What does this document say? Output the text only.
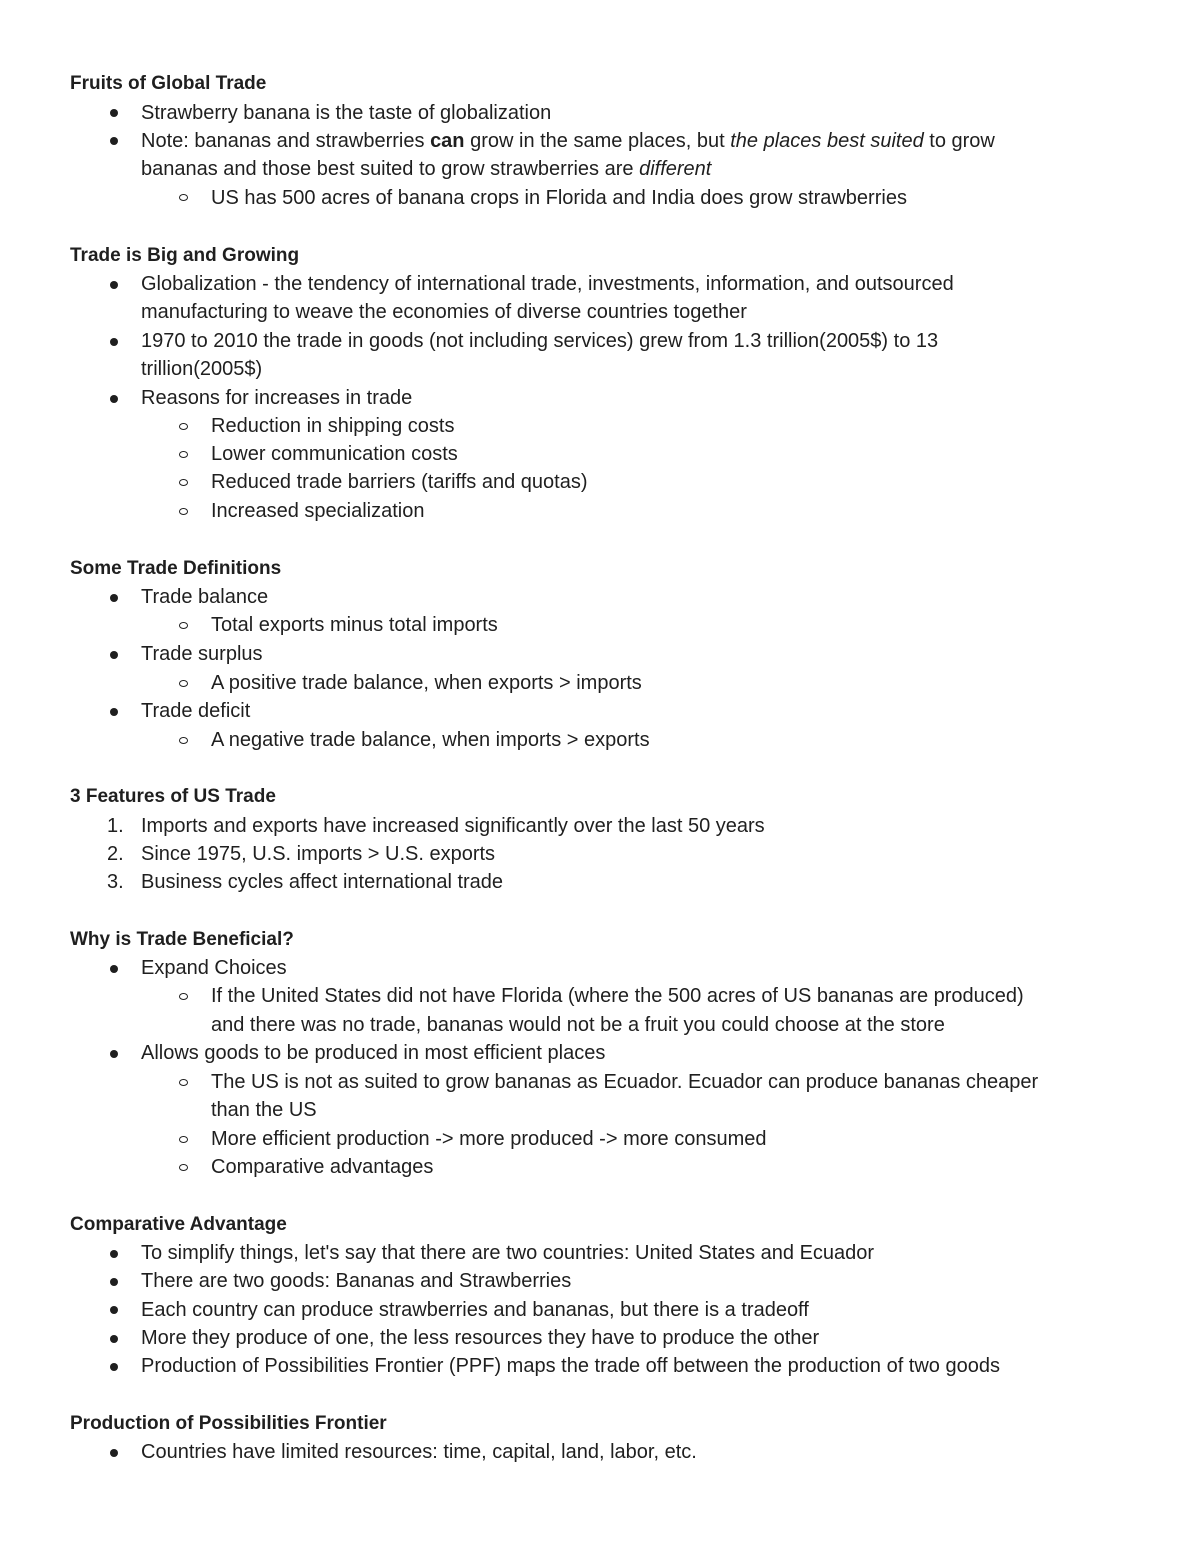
Fruits of Global Trade
Strawberry banana is the taste of globalization
Note: bananas and strawberries can grow in the same places, but the places best suited to grow
bananas and those best suited to grow strawberries are different
US has 500 acres of banana crops in Florida and India does grow strawberries
Trade is Big and Growing
Globalization - the tendency of international trade, investments, information, and outsourced
manufacturing to weave the economies of diverse countries together
1970 to 2010 the trade in goods (not including services) grew from 1.3 trillion(2005$) to 13
trillion(2005$)
Reasons for increases in trade
Reduction in shipping costs
Lower communication costs
Reduced trade barriers (tariffs and quotas)
Increased specialization
Some Trade Definitions
Trade balance
Total exports minus total imports
Trade surplus
A positive trade balance, when exports > imports
Trade deficit
A negative trade balance, when imports > exports
3 Features of US Trade
1. Imports and exports have increased significantly over the last 50 years
2. Since 1975, U.S. imports > U.S. exports
3. Business cycles affect international trade
Why is Trade Beneficial?
Expand Choices
If the United States did not have Florida (where the 500 acres of US bananas are produced)
and there was no trade, bananas would not be a fruit you could choose at the store
Allows goods to be produced in most efficient places
The US is not as suited to grow bananas as Ecuador. Ecuador can produce bananas cheaper
than the US
More efficient production -> more produced -> more consumed
Comparative advantages
Comparative Advantage
To simplify things, let's say that there are two countries: United States and Ecuador
There are two goods: Bananas and Strawberries
Each country can produce strawberries and bananas, but there is a tradeoff
More they produce of one, the less resources they have to produce the other
Production of Possibilities Frontier (PPF) maps the trade off between the production of two goods
Production of Possibilities Frontier
Countries have limited resources: time, capital, land, labor, etc.
